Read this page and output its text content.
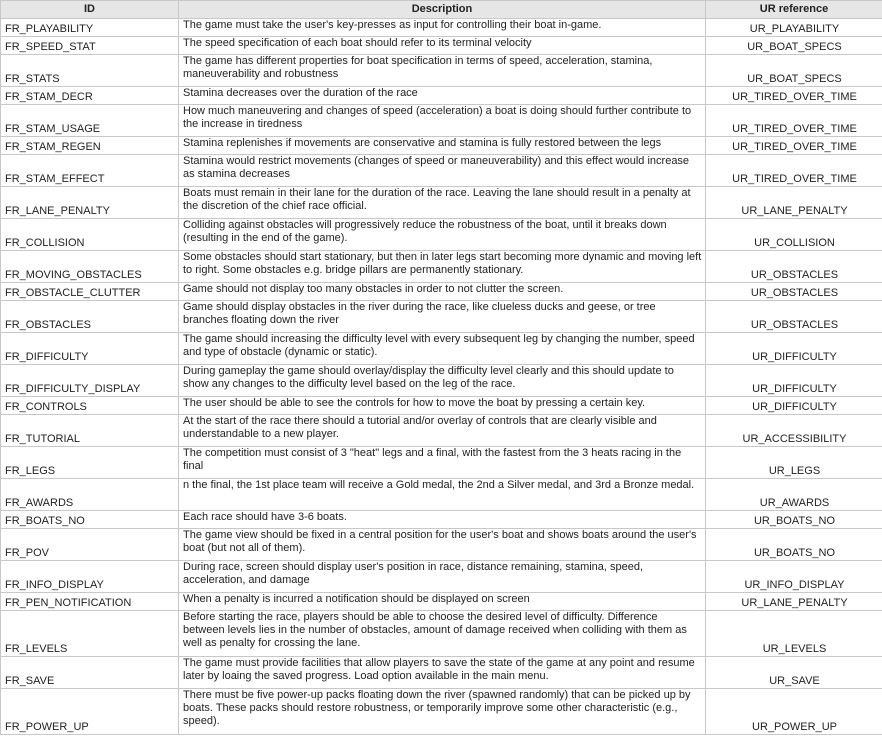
ID	Description	UR reference
FR_PLAYABILITY	The game must take the user's key-presses as input for controlling their boat in-game.	UR_PLAYABILITY
FR_SPEED_STAT	The speed specification of each boat should refer to its terminal velocity	UR_BOAT_SPECS
FR_STATS	The game has different properties for boat specification in terms of speed, acceleration, stamina, maneuverability and robustness	UR_BOAT_SPECS
FR_STAM_DECR	Stamina decreases over the duration of the race	UR_TIRED_OVER_TIME
FR_STAM_USAGE	How much maneuvering and changes of speed (acceleration) a boat is doing should further contribute to the increase in tiredness	UR_TIRED_OVER_TIME
FR_STAM_REGEN	Stamina replenishes if movements are conservative and stamina is fully restored between the legs	UR_TIRED_OVER_TIME
FR_STAM_EFFECT	Stamina would restrict movements (changes of speed or maneuverability) and this effect would increase as stamina decreases	UR_TIRED_OVER_TIME
FR_LANE_PENALTY	Boats must remain in their lane for the duration of the race. Leaving the lane should result in a penalty at the discretion of the chief race official.	UR_LANE_PENALTY
FR_COLLISION	Colliding against obstacles will progressively reduce the robustness of the boat, until it breaks down (resulting in the end of the game).	UR_COLLISION
FR_MOVING_OBSTACLES	Some obstacles should start stationary, but then in later legs start becoming more dynamic and moving left to right. Some obstacles e.g. bridge pillars are permanently stationary.	UR_OBSTACLES
FR_OBSTACLE_CLUTTER	Game should not display too many obstacles in order to not clutter the screen.	UR_OBSTACLES
FR_OBSTACLES	Game should display obstacles in the river during the race, like clueless ducks and geese, or tree branches floating down the river	UR_OBSTACLES
FR_DIFFICULTY	The game should increasing the difficulty level with every subsequent leg by changing the number, speed and type of obstacle (dynamic or static).	UR_DIFFICULTY
FR_DIFFICULTY_DISPLAY	During gameplay the game should overlay/display the difficulty level clearly and this should update to show any changes to the difficulty level based on the leg of the race.	UR_DIFFICULTY
FR_CONTROLS	The user should be able to see the controls for how to move the boat by pressing a certain key.	UR_DIFFICULTY
FR_TUTORIAL	At the start of the race there should a tutorial and/or overlay of controls that are clearly visible and understandable to a new player.	UR_ACCESSIBILITY
FR_LEGS	The competition must consist of 3 "heat" legs and a final, with the fastest from the 3 heats racing in the final	UR_LEGS
FR_AWARDS	n the final, the 1st place team will receive a Gold medal, the 2nd a Silver medal, and 3rd a Bronze medal.	UR_AWARDS
FR_BOATS_NO	Each race should have 3-6 boats.	UR_BOATS_NO
FR_POV	The game view should be fixed in a central position for the user's boat and shows boats around the user's boat (but not all of them).	UR_BOATS_NO
FR_INFO_DISPLAY	During race, screen should display user's position in race, distance remaining, stamina, speed, acceleration, and damage	UR_INFO_DISPLAY
FR_PEN_NOTIFICATION	When a penalty is incurred a notification should be displayed on screen	UR_LANE_PENALTY
FR_LEVELS	Before starting the race, players should be able to choose the desired level of difficulty. Difference between levels lies in the number of obstacles, amount of damage received when colliding with them as well as penalty for crossing the lane.	UR_LEVELS
FR_SAVE	The game must provide facilities that allow players to save the state of the game at any point and resume later by loaing the saved progress. Load option available in the main menu.	UR_SAVE
FR_POWER_UP	There must be five power-up packs floating down the river (spawned randomly) that can be picked up by boats. These packs should restore robustness, or temporarily improve some other characteristic (e.g., speed).	UR_POWER_UP
